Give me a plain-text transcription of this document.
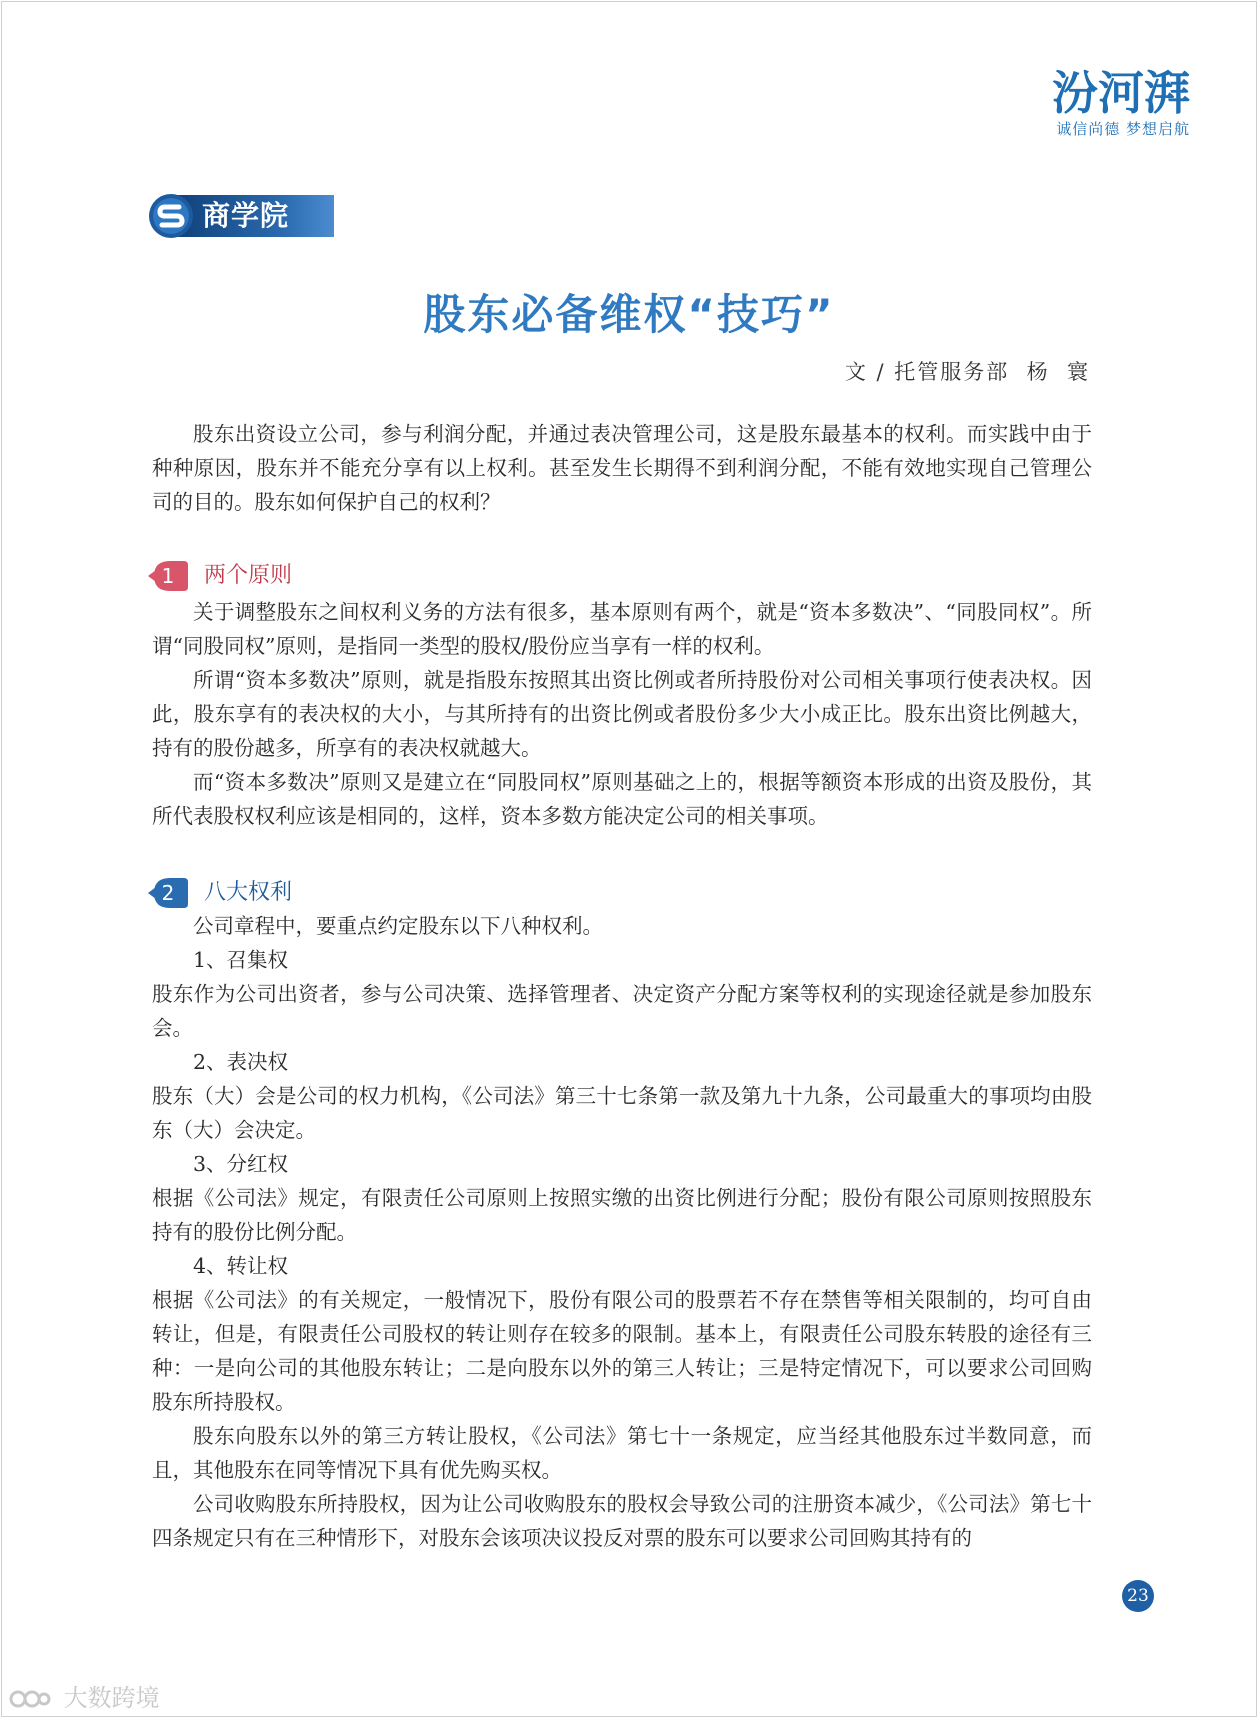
汾河湃
诚信尚德 梦想启航
商学院
股东必备维权“技巧”
文 / 托管服务部  杨  寰

股东出资设立公司，参与利润分配，并通过表决管理公司，这是股东最基本的权利。而实践中由于种种原因，股东并不能充分享有以上权利。甚至发生长期得不到利润分配，不能有效地实现自己管理公司的目的。股东如何保护自己的权利？

1	两个原则

关于调整股东之间权利义务的方法有很多，基本原则有两个，就是“资本多数决”、“同股同权”。所谓“同股同权”原则，是指同一类型的股权/股份应当享有一样的权利。

所谓“资本多数决”原则，就是指股东按照其出资比例或者所持股份对公司相关事项行使表决权。因此，股东享有的表决权的大小，与其所持有的出资比例或者股份多少大小成正比。股东出资比例越大，持有的股份越多，所享有的表决权就越大。

而“资本多数决”原则又是建立在“同股同权”原则基础之上的，根据等额资本形成的出资及股份，其所代表股权权利应该是相同的，这样，资本多数方能决定公司的相关事项。

2	八大权利

公司章程中，要重点约定股东以下八种权利。

1、召集权

股东作为公司出资者，参与公司决策、选择管理者、决定资产分配方案等权利的实现途径就是参加股东会。

2、表决权

股东（大）会是公司的权力机构，《公司法》第三十七条第一款及第九十九条，公司最重大的事项均由股东（大）会决定。

3、分红权

根据《公司法》规定，有限责任公司原则上按照实缴的出资比例进行分配；股份有限公司原则按照股东持有的股份比例分配。

4、转让权

根据《公司法》的有关规定，一般情况下，股份有限公司的股票若不存在禁售等相关限制的，均可自由转让，但是，有限责任公司股权的转让则存在较多的限制。基本上，有限责任公司股东转股的途径有三种：一是向公司的其他股东转让；二是向股东以外的第三人转让；三是特定情况下，可以要求公司回购股东所持股权。

股东向股东以外的第三方转让股权，《公司法》第七十一条规定，应当经其他股东过半数同意，而且，其他股东在同等情况下具有优先购买权。

公司收购股东所持股权，因为让公司收购股东的股权会导致公司的注册资本减少，《公司法》第七十四条规定只有在三种情形下，对股东会该项决议投反对票的股东可以要求公司回购其持有的

23
大数跨境
